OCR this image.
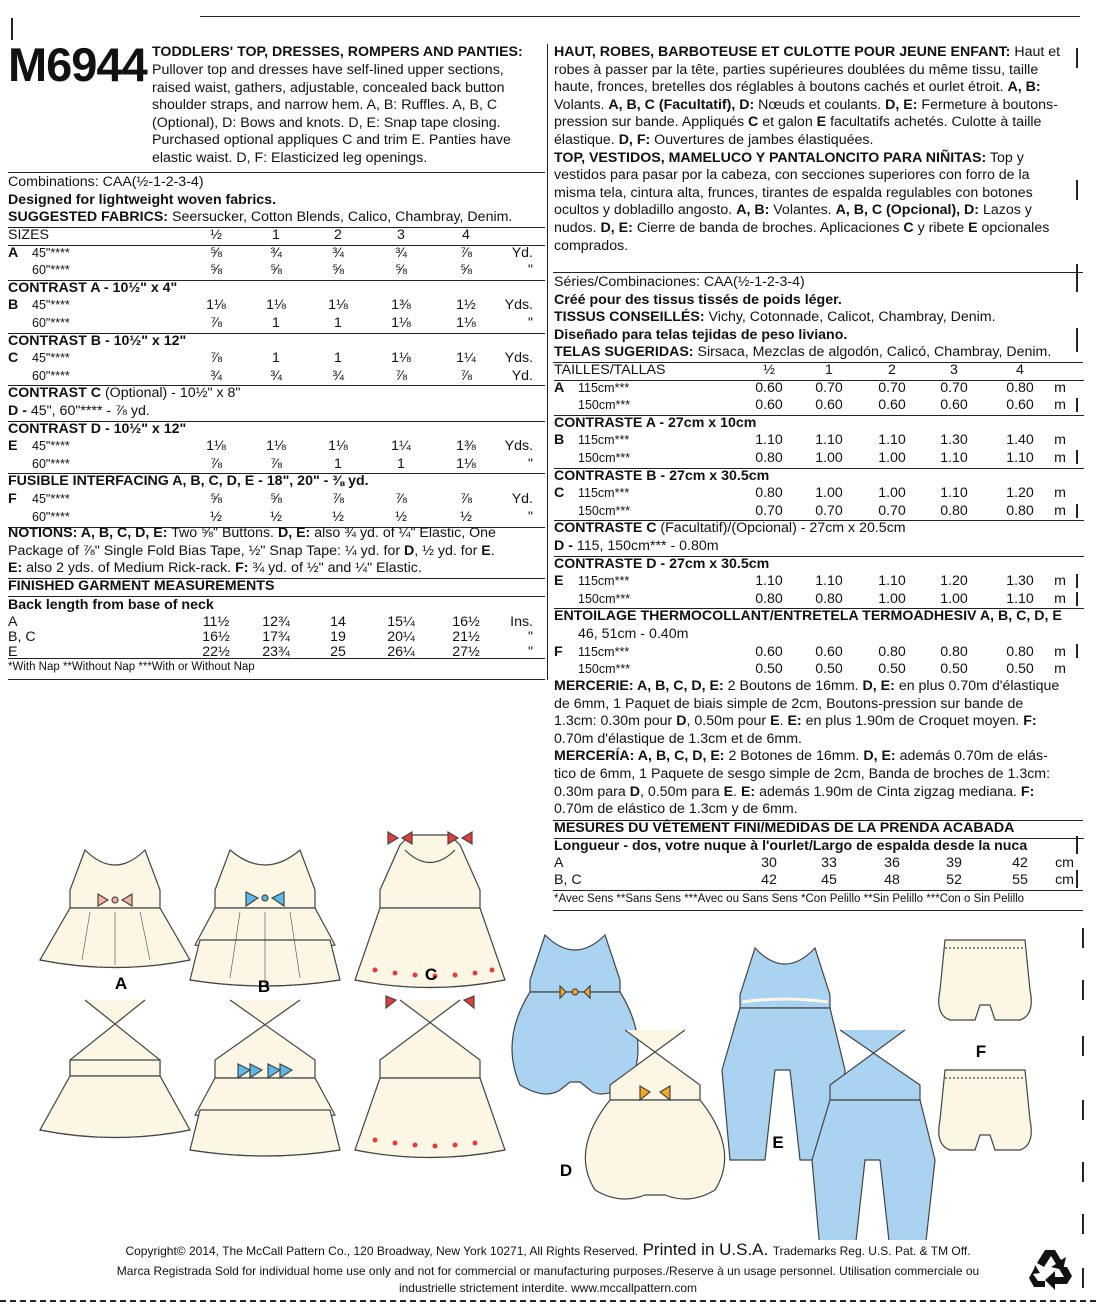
M6944 TODDLERS' TOP, DRESSES, ROMPERS AND PANTIES:
Pullover top and dresses have self-lined upper sections,
raised waist, gathers, adjustable, concealed back button
shoulder straps, and narrow hem. A, B: Ruffles. A, B, C
(Optional), D: Bows and knots. D, E: Snap tape closing.
Purchased optional appliques C and trim E. Panties have
elastic waist. D, F: Elasticized leg openings.
Combinations: CAA(½-1-2-3-4)
Designed for lightweight woven fabrics.
SUGGESTED FABRICS: Seersucker, Cotton Blends, Calico, Chambray, Denim.
SIZES	½	1	2	3	4
A 45"****	⅝	¾	¾	¾	⅞	Yd.
60"****	⅝	⅝	⅝	⅝	⅝	"
CONTRAST A - 10½" x 4"
B 45"****	1⅛	1⅛	1⅛	1⅜	1½ Yds.
60"****	⅞	1	1	1⅛	1⅛	"
CONTRAST B - 10½" x 12"
C 45"****	⅞	1	1	1⅛	1¼ Yds.
60"****	¾	¾	¾	⅞	⅞	Yd.
CONTRAST C (Optional) - 10½" x 8"
D - 45", 60"**** - ⅞ yd.
CONTRAST D - 10½" x 12"
E 45"****	1⅛	1⅛	1⅛	1¼	1⅜ Yds.
60"****	⅞	⅞	1	1	1⅛	"
FUSIBLE INTERFACING A, B, C, D, E - 18", 20" - ⅜ yd.
F 45"****	⅝	⅝	⅞	⅞	⅞	Yd.
60"****	½	½	½	½	½	"
NOTIONS: A, B, C, D, E: Two ⅝" Buttons. D, E: also ¾ yd. of ¼" Elastic, One
Package of ⅞" Single Fold Bias Tape, ½" Snap Tape: ¼ yd. for D, ½ yd. for E.
E: also 2 yds. of Medium Rick-rack. F: ¾ yd. of ½" and ¼" Elastic.
FINISHED GARMENT MEASUREMENTS
Back length from base of neck
A	11½ 12¾	14	15¼	16½ Ins.
B, C	16½ 17¾	19	20¼	21½	"
E	22½ 23¾	25	26¼	27½	"
*With Nap **Without Nap ***With or Without Nap
HAUT, ROBES, BARBOTEUSE ET CULOTTE POUR JEUNE ENFANT: Haut et
robes à passer par la tête, parties supérieures doublées du même tissu, taille
haute, fronces, bretelles dos réglables à boutons cachés et ourlet étroit. A, B:
Volants. A, B, C (Facultatif), D: Nœuds et coulants. D, E: Fermeture à boutons-
pression sur bande. Appliqués C et galon E facultatifs achetés. Culotte à taille
élastique. D, F: Ouvertures de jambes élastiquées.
TOP, VESTIDOS, MAMELUCO Y PANTALONCITO PARA NIÑITAS: Top y
vestidos para pasar por la cabeza, con secciones superiores con forro de la
misma tela, cintura alta, frunces, tirantes de espalda regulables con botones
ocultos y dobladillo angosto. A, B: Volantes. A, B, C (Opcional), D: Lazos y
nudos. D, E: Cierre de banda de broches. Aplicaciones C y ribete E opcionales
comprados.
Séries/Combinaciones: CAA(½-1-2-3-4)
Créé pour des tissus tissés de poids léger.
TISSUS CONSEILLÉS: Vichy, Cotonnade, Calicot, Chambray, Denim.
Diseñado para telas tejidas de peso liviano.
TELAS SUGERIDAS: Sirsaca, Mezclas de algodón, Calicó, Chambray, Denim.
TAILLES/TALLAS	½	1	2	3	4
A 115cm***	0.60 0.70 0.70 0.70	0.80 m
150cm***	0.60 0.60 0.60 0.60	0.60 m
CONTRASTE A - 27cm x 10cm
B 115cm***	1.10 1.10 1.10 1.30	1.40 m
150cm***	0.80 1.00 1.00 1.10	1.10 m
CONTRASTE B - 27cm x 30.5cm
C 115cm***	0.80 1.00 1.00 1.10	1.20 m
150cm***	0.70 0.70 0.70 0.80	0.80 m
CONTRASTE C (Facultatif)/(Opcional) - 27cm x 20.5cm
D - 115, 150cm*** - 0.80m
CONTRASTE D - 27cm x 30.5cm
E 115cm***	1.10 1.10 1.10 1.20	1.30 m
150cm***	0.80 0.80 1.00 1.00	1.10 m
ENTOILAGE THERMOCOLLANT/ENTRETELA TERMOADHESIV A, B, C, D, E
46, 51cm - 0.40m
F 115cm***	0.60 0.60 0.80 0.80	0.80 m
150cm***	0.50 0.50 0.50 0.50	0.50 m
MERCERIE: A, B, C, D, E: 2 Boutons de 16mm. D, E: en plus 0.70m d'élastique
de 6mm, 1 Paquet de biais simple de 2cm, Boutons-pression sur bande de
1.3cm: 0.30m pour D, 0.50m pour E. E: en plus 1.90m de Croquet moyen. F:
0.70m d'élastique de 1.3cm et de 6mm.
MERCERÍA: A, B, C, D, E: 2 Botones de 16mm. D, E: además 0.70m de elás-
tico de 6mm, 1 Paquete de sesgo simple de 2cm, Banda de broches de 1.3cm:
0.30m para D, 0.50m para E. E: además 1.90m de Cinta zigzag mediana. F:
0.70m de elástico de 1.3cm y de 6mm.
MESURES DU VÊTEMENT FINI/MEDIDAS DE LA PRENDA ACABADA
Longueur - dos, votre nuque à l'ourlet/Largo de espalda desde la nuca
A	30	33	36	39	42 cm
B, C	42	45	48	52	55 cm
*Avec Sens **Sans Sens ***Avec ou Sans Sens *Con Pelillo **Sin Pelillo ***Con o Sin Pelillo
A	B
C
D
E
F
Copyright© 2014, The McCall Pattern Co., 120 Broadway, New York 10271, All Rights Reserved. Printed in U.S.A. Trademarks Reg. U.S. Pat. & TM Off.
Marca Registrada Sold for individual home use only and not for commercial or manufacturing purposes./Reserve à un usage personnel. Utilisation commerciale ou
industrielle strictement interdite. www.mccallpattern.com
